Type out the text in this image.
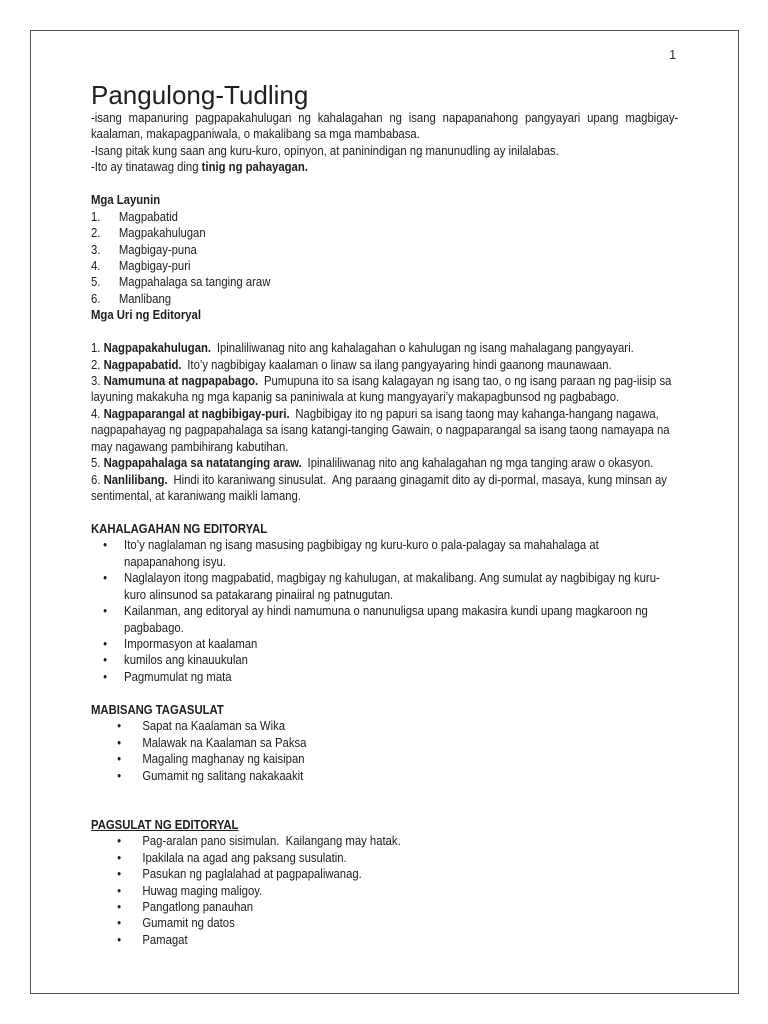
1
Pangulong-Tudling
-isang mapanuring pagpapakahulugan ng kahalagahan ng isang napapanahong pangyayari upang magbigay-
kaalaman, makapagpaniwala, o makalibang sa mga mambabasa.
-Isang pitak kung saan ang kuru-kuro, opinyon, at paninindigan ng manunudling ay inilalabas.
-Ito ay tinatawag ding tinig ng pahayagan.
Mga Layunin
1. Magpabatid
2. Magpakahulugan
3. Magbigay-puna
4. Magbigay-puri
5. Magpahalaga sa tanging araw
6. Manlibang
Mga Uri ng Editoryal
1. Nagpapakahulugan. Ipinaliliwanag nito ang kahalagahan o kahulugan ng isang mahalagang pangyayari.
2. Nagpapabatid. Ito’y nagbibigay kaalaman o linaw sa ilang pangyayaring hindi gaanong maunawaan.
3. Namumuna at nagpapabago. Pumupuna ito sa isang kalagayan ng isang tao, o ng isang paraan ng pag-iisip sa
layuning makakuha ng mga kapanig sa paniniwala at kung mangyayari’y makapagbunsod ng pagbabago.
4. Nagpaparangal at nagbibigay-puri. Nagbibigay ito ng papuri sa isang taong may kahanga-hangang nagawa,
nagpapahayag ng pagpapahalaga sa isang katangi-tanging Gawain, o nagpaparangal sa isang taong namayapa na
may nagawang pambihirang kabutihan.
5. Nagpapahalaga sa natatanging araw. Ipinaliliwanag nito ang kahalagahan ng mga tanging araw o okasyon.
6. Nanlilibang. Hindi ito karaniwang sinusulat.  Ang paraang ginagamit dito ay di-pormal, masaya, kung minsan ay
sentimental, at karaniwang maikli lamang.
KAHALAGAHAN NG EDITORYAL
•
Ito’y naglalaman ng isang masusing pagbibigay ng kuru-kuro o pala-palagay sa mahahalaga at
napapanahong isyu.
•
Naglalayon itong magpabatid, magbigay ng kahulugan, at makalibang. Ang sumulat ay nagbibigay ng kuru-
kuro alinsunod sa patakarang pinaiiral ng patnugutan.
•
Kailanman, ang editoryal ay hindi namumuna o nanunuligsa upang makasira kundi upang magkaroon ng
pagbabago.
•
Impormasyon at kaalaman
•
kumilos ang kinauukulan
•
Pagmumulat ng mata
MABISANG TAGASULAT
•
Sapat na Kaalaman sa Wika
•
Malawak na Kaalaman sa Paksa
•
Magaling maghanay ng kaisipan
•
Gumamit ng salitang nakakaakit
PAGSULAT NG EDITORYAL
•
Pag-aralan pano sisimulan.  Kailangang may hatak.
•
Ipakilala na agad ang paksang susulatin.
•
Pasukan ng paglalahad at pagpapaliwanag.
•
Huwag maging maligoy.
•
Pangatlong panauhan
•
Gumamit ng datos
•
Pamagat
